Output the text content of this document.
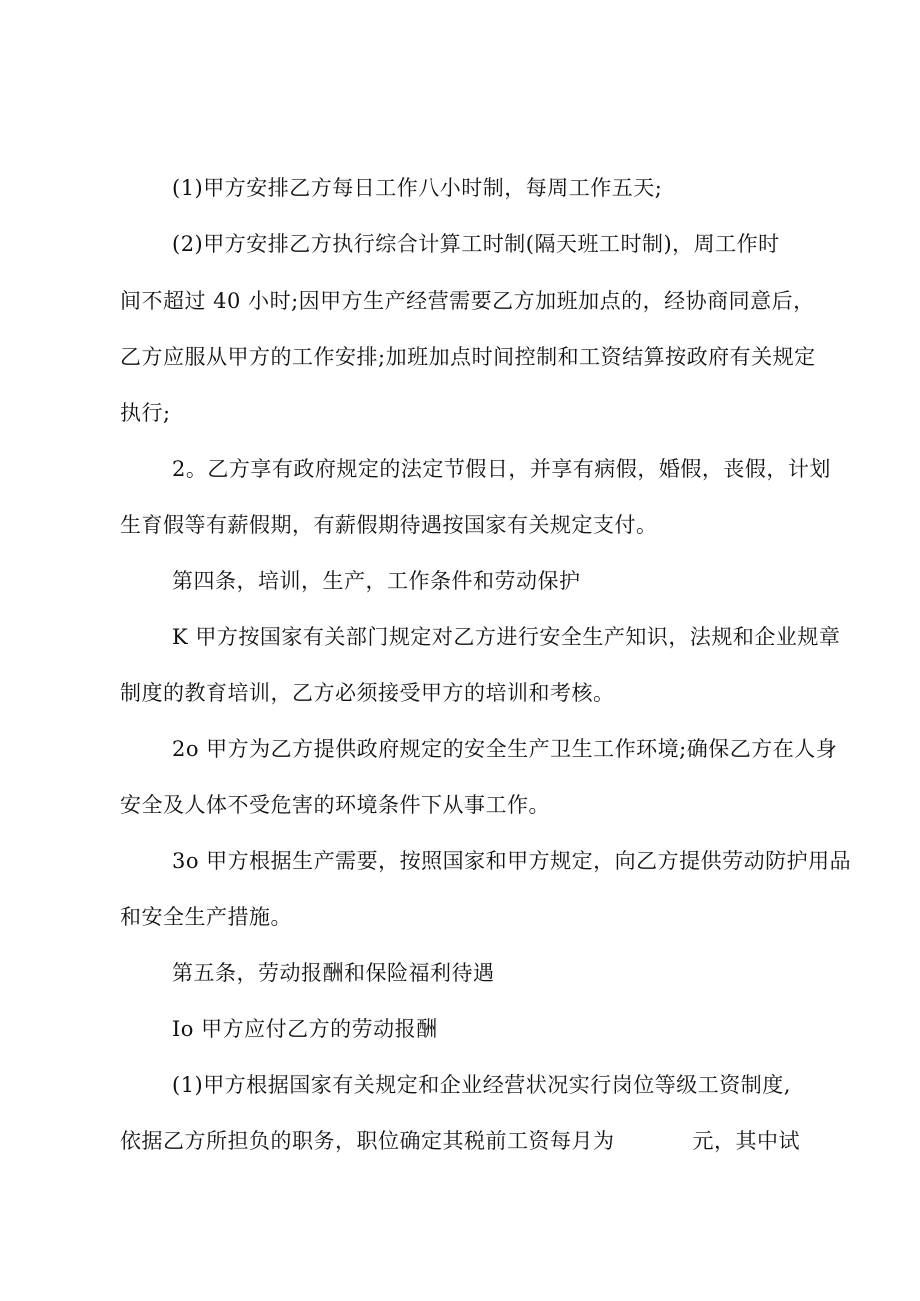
(1)甲方安排乙方每日工作八小时制，每周工作五天;
(2)甲方安排乙方执行综合计算工时制(隔天班工时制)，周工作时
间不超过 40 小时;因甲方生产经营需要乙方加班加点的，经协商同意后，
乙方应服从甲方的工作安排;加班加点时间控制和工资结算按政府有关规定
执行;
2。乙方享有政府规定的法定节假日，并享有病假，婚假，丧假，计划
生育假等有薪假期，有薪假期待遇按国家有关规定支付。
第四条，培训，生产，工作条件和劳动保护
K 甲方按国家有关部门规定对乙方进行安全生产知识，法规和企业规章
制度的教育培训，乙方必须接受甲方的培训和考核。
2o 甲方为乙方提供政府规定的安全生产卫生工作环境;确保乙方在人身
安全及人体不受危害的环境条件下从事工作。
3o 甲方根据生产需要，按照国家和甲方规定，向乙方提供劳动防护用品
和安全生产措施。
第五条，劳动报酬和保险福利待遇
Io 甲方应付乙方的劳动报酬
(1)甲方根据国家有关规定和企业经营状况实行岗位等级工资制度,
依据乙方所担负的职务，职位确定其税前工资每月为	元，其中试
